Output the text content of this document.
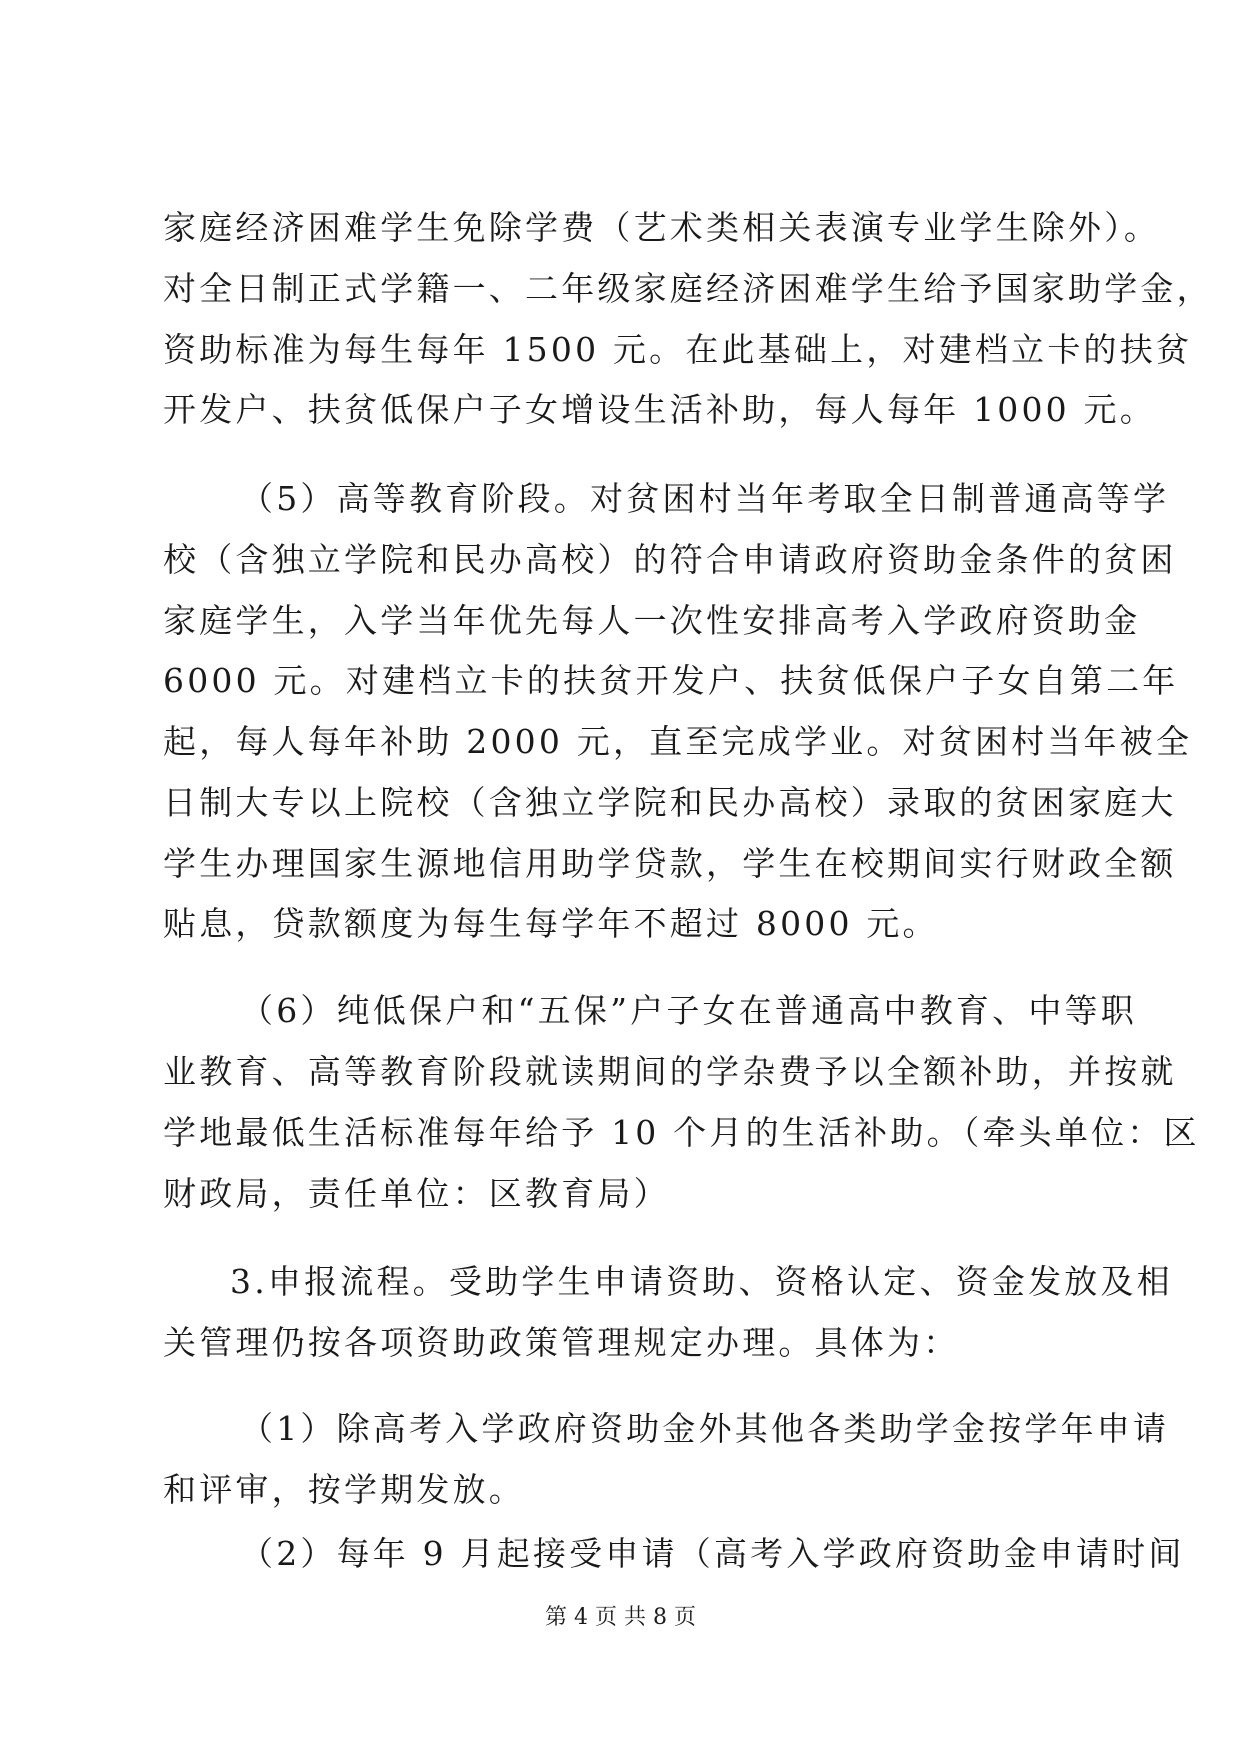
家庭经济困难学生免除学费（艺术类相关表演专业学生除外）。
对全日制正式学籍一、二年级家庭经济困难学生给予国家助学金，
资助标准为每生每年 1500 元。在此基础上，对建档立卡的扶贫
开发户、扶贫低保户子女增设生活补助，每人每年 1000 元。
（5）高等教育阶段。对贫困村当年考取全日制普通高等学
校（含独立学院和民办高校）的符合申请政府资助金条件的贫困
家庭学生，入学当年优先每人一次性安排高考入学政府资助金
6000 元。对建档立卡的扶贫开发户、扶贫低保户子女自第二年
起，每人每年补助 2000 元，直至完成学业。对贫困村当年被全
日制大专以上院校（含独立学院和民办高校）录取的贫困家庭大
学生办理国家生源地信用助学贷款，学生在校期间实行财政全额
贴息，贷款额度为每生每学年不超过 8000 元。
（6）纯低保户和“五保”户子女在普通高中教育、中等职
业教育、高等教育阶段就读期间的学杂费予以全额补助，并按就
学地最低生活标准每年给予 10 个月的生活补助。（牵头单位：区
财政局，责任单位：区教育局）
3.申报流程。受助学生申请资助、资格认定、资金发放及相
关管理仍按各项资助政策管理规定办理。具体为：
（1）除高考入学政府资助金外其他各类助学金按学年申请
和评审，按学期发放。
（2）每年 9 月起接受申请（高考入学政府资助金申请时间
第 4 页 共 8 页
